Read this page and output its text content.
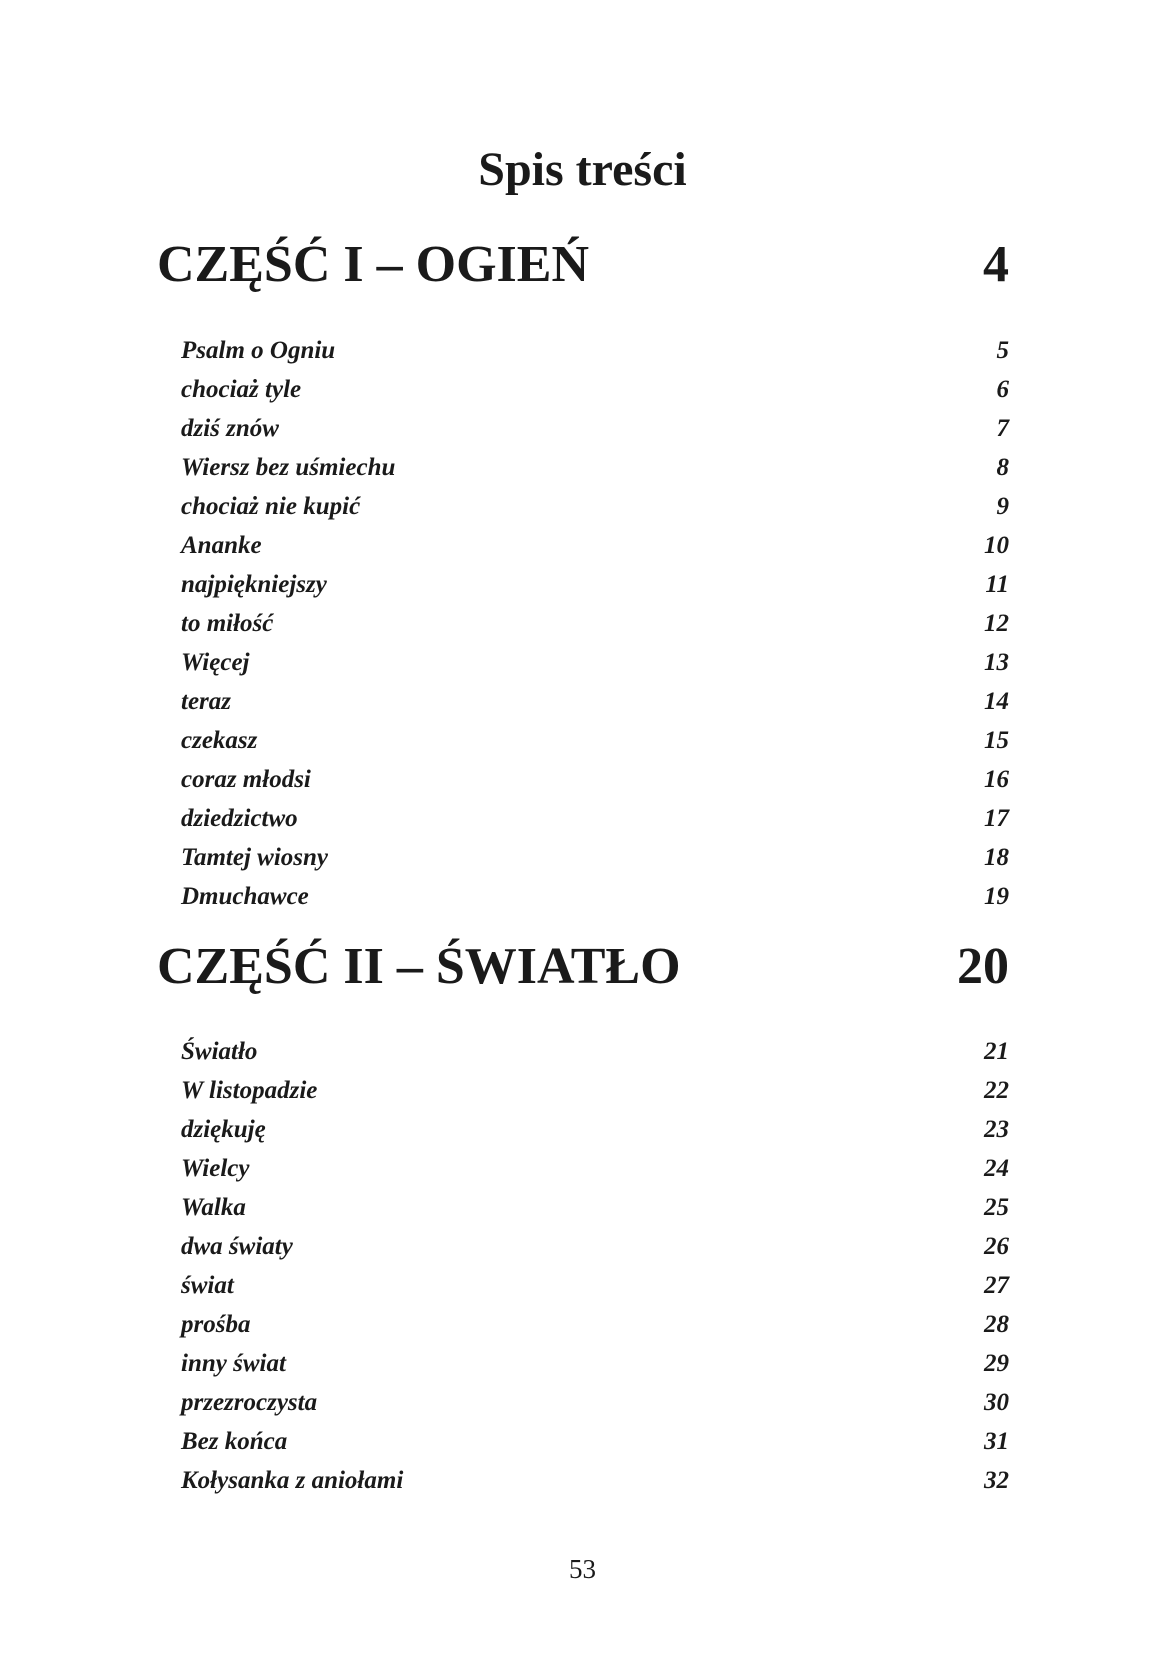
Spis treści
CZĘŚĆ I – OGIEŃ	4
Psalm o Ogniu	5
chociaż tyle	6
dziś znów	7
Wiersz bez uśmiechu	8
chociaż nie kupić	9
Ananke	10
najpiękniejszy	11
to miłość	12
Więcej	13
teraz	14
czekasz	15
coraz młodsi	16
dziedzictwo	17
Tamtej wiosny	18
Dmuchawce	19
CZĘŚĆ II – ŚWIATŁO	20
Światło	21
W listopadzie	22
dziękuję	23
Wielcy	24
Walka	25
dwa światy	26
świat	27
prośba	28
inny świat	29
przezroczysta	30
Bez końca	31
Kołysanka z aniołami	32
53
